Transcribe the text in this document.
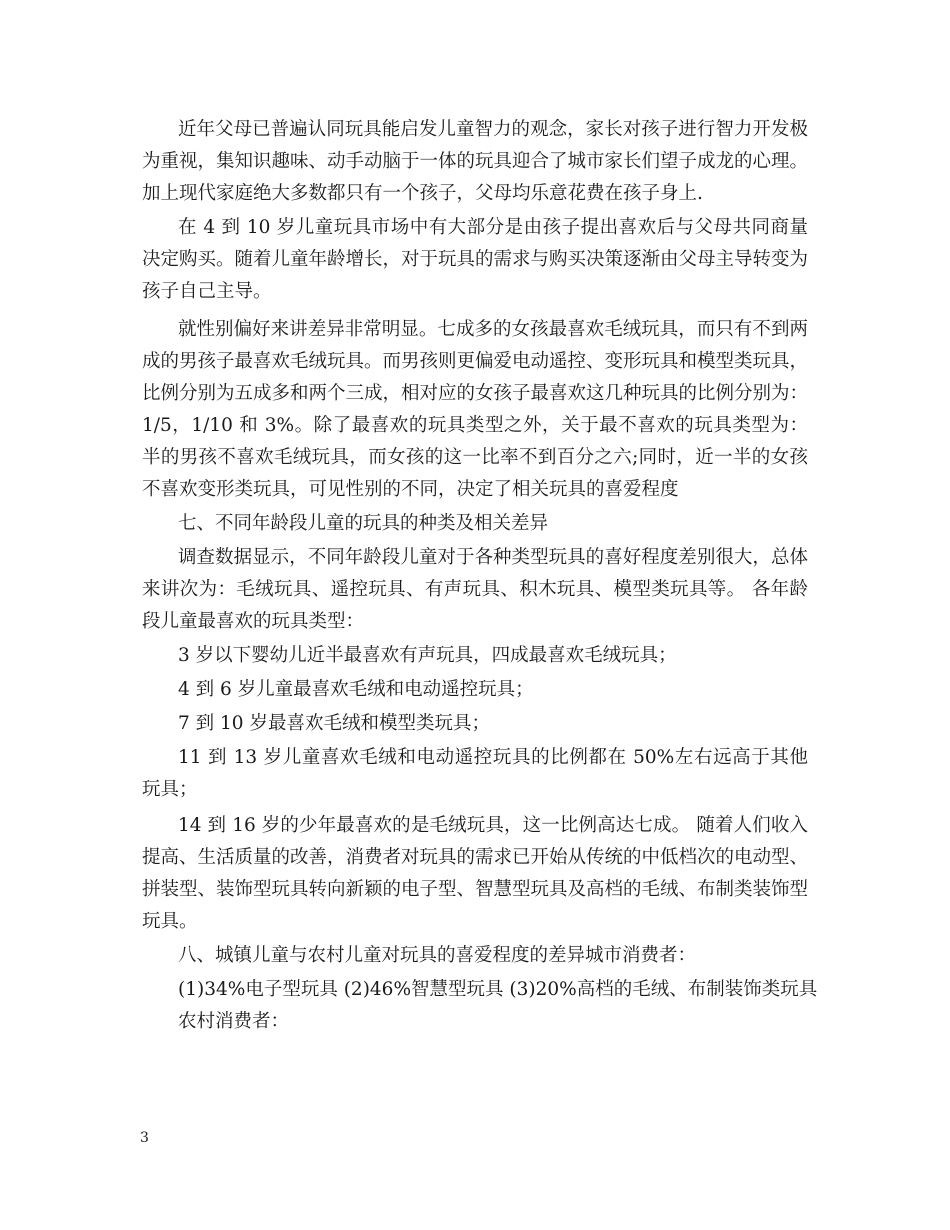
近年父母已普遍认同玩具能启发儿童智力的观念，家长对孩子进行智力开发极
为重视，集知识趣味、动手动脑于一体的玩具迎合了城市家长们望子成龙的心理。
加上现代家庭绝大多数都只有一个孩子，父母均乐意花费在孩子身上.
在 4 到 10 岁儿童玩具市场中有大部分是由孩子提出喜欢后与父母共同商量
决定购买。随着儿童年龄增长，对于玩具的需求与购买决策逐渐由父母主导转变为
孩子自己主导。
就性别偏好来讲差异非常明显。七成多的女孩最喜欢毛绒玩具，而只有不到两
成的男孩子最喜欢毛绒玩具。而男孩则更偏爱电动遥控、变形玩具和模型类玩具，
比例分别为五成多和两个三成，相对应的女孩子最喜欢这几种玩具的比例分别为：
1/5，1/10 和 3%。除了最喜欢的玩具类型之外，关于最不喜欢的玩具类型为：
半的男孩不喜欢毛绒玩具，而女孩的这一比率不到百分之六;同时，近一半的女孩
不喜欢变形类玩具，可见性别的不同，决定了相关玩具的喜爱程度
七、不同年龄段儿童的玩具的种类及相关差异
调查数据显示，不同年龄段儿童对于各种类型玩具的喜好程度差别很大，总体
来讲次为：毛绒玩具、遥控玩具、有声玩具、积木玩具、模型类玩具等。 各年龄
段儿童最喜欢的玩具类型：
3 岁以下婴幼儿近半最喜欢有声玩具，四成最喜欢毛绒玩具；
4 到 6 岁儿童最喜欢毛绒和电动遥控玩具；
7 到 10 岁最喜欢毛绒和模型类玩具；
11 到 13 岁儿童喜欢毛绒和电动遥控玩具的比例都在 50%左右远高于其他
玩具；
14 到 16 岁的少年最喜欢的是毛绒玩具，这一比例高达七成。 随着人们收入
提高、生活质量的改善，消费者对玩具的需求已开始从传统的中低档次的电动型、
拼装型、装饰型玩具转向新颖的电子型、智慧型玩具及高档的毛绒、布制类装饰型
玩具。
八、城镇儿童与农村儿童对玩具的喜爱程度的差异城市消费者：
(1)34%电子型玩具 (2)46%智慧型玩具 (3)20%高档的毛绒、布制装饰类玩具
农村消费者：
3
